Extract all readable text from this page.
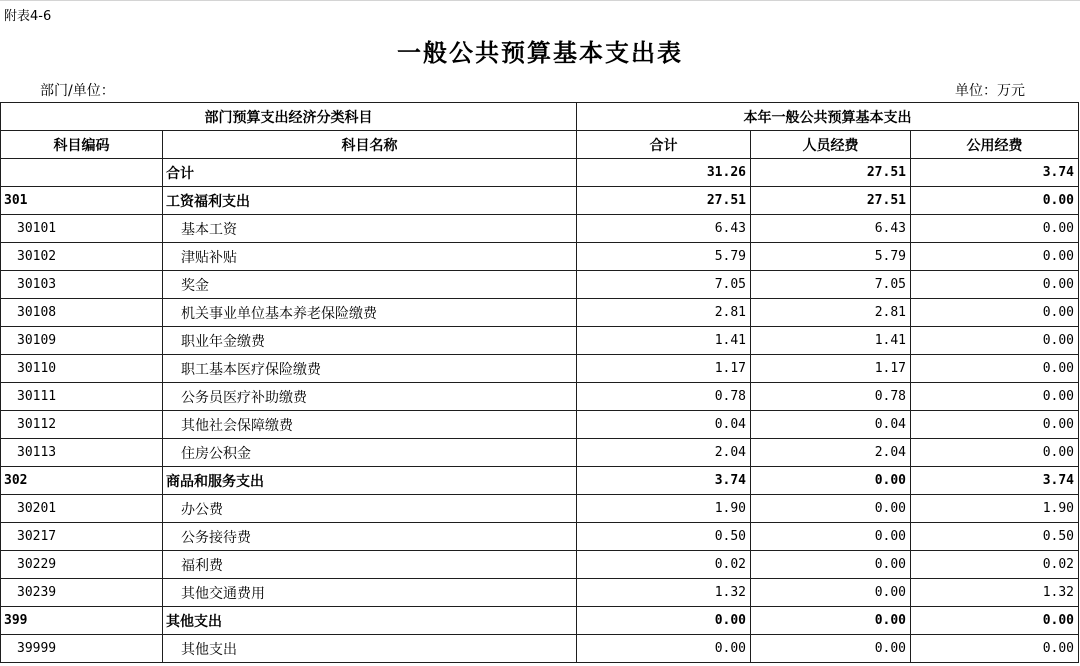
附表4-6
一般公共预算基本支出表
部门/单位：	单位：万元
部门预算支出经济分类科目		本年一般公共预算基本支出		
科目编码	科目名称	合计	人员经费	公用经费
	合计	31.26	27.51	3.74
301	工资福利支出	27.51	27.51	0.00
30101	基本工资	6.43	6.43	0.00
30102	津贴补贴	5.79	5.79	0.00
30103	奖金	7.05	7.05	0.00
30108	机关事业单位基本养老保险缴费	2.81	2.81	0.00
30109	职业年金缴费	1.41	1.41	0.00
30110	职工基本医疗保险缴费	1.17	1.17	0.00
30111	公务员医疗补助缴费	0.78	0.78	0.00
30112	其他社会保障缴费	0.04	0.04	0.00
30113	住房公积金	2.04	2.04	0.00
302	商品和服务支出	3.74	0.00	3.74
30201	办公费	1.90	0.00	1.90
30217	公务接待费	0.50	0.00	0.50
30229	福利费	0.02	0.00	0.02
30239	其他交通费用	1.32	0.00	1.32
399	其他支出	0.00	0.00	0.00
39999	其他支出	0.00	0.00	0.00
